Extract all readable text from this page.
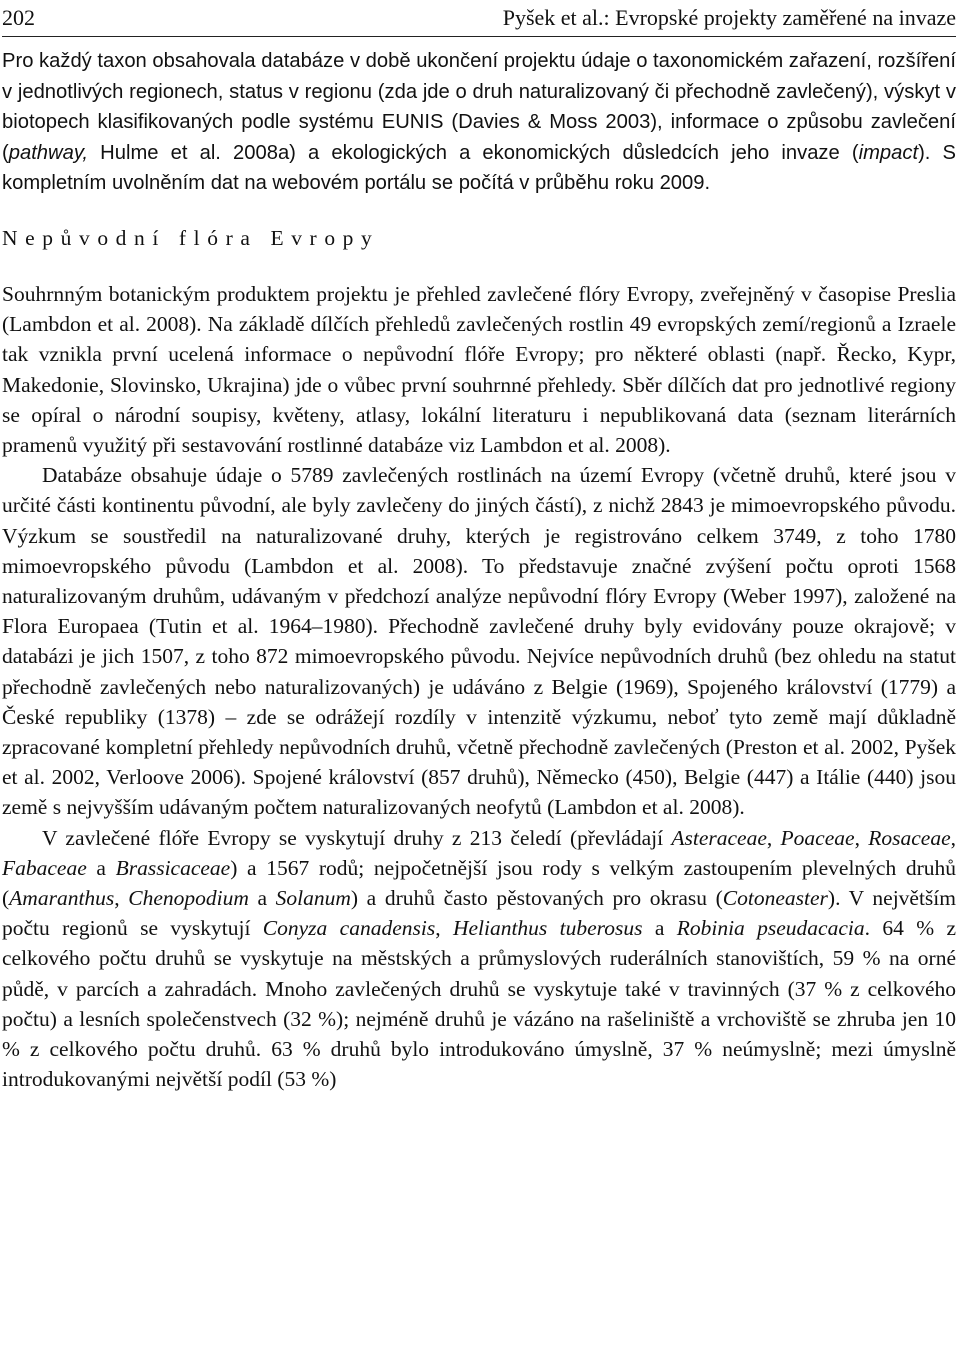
202	Pyšek et al.: Evropské projekty zaměřené na invaze

Pro každý taxon obsahovala databáze v době ukončení projektu údaje o taxonomickém zařazení, rozšíření v jednotlivých regionech, status v regionu (zda jde o druh naturalizovaný či přechodně zavlečený), výskyt v biotopech klasifikovaných podle systému EUNIS (Davies & Moss 2003), informace o způsobu zavlečení (pathway, Hulme et al. 2008a) a ekologických a ekonomických důsledcích jeho invaze (impact). S kompletním uvolněním dat na webovém portálu se počítá v průběhu roku 2009.

Nepůvodní flóra Evropy

Souhrnným botanickým produktem projektu je přehled zavlečené flóry Evropy, zveřejněný v časopise Preslia (Lambdon et al. 2008). Na základě dílčích přehledů zavlečených rostlin 49 evropských zemí/regionů a Izraele tak vznikla první ucelená informace o nepůvodní flóře Evropy; pro některé oblasti (např. Řecko, Kypr, Makedonie, Slovinsko, Ukrajina) jde o vůbec první souhrnné přehledy. Sběr dílčích dat pro jednotlivé regiony se opíral o národní soupisy, květeny, atlasy, lokální literaturu i nepublikovaná data (seznam literárních pramenů využitý při sestavování rostlinné databáze viz Lambdon et al. 2008).

Databáze obsahuje údaje o 5789 zavlečených rostlinách na území Evropy (včetně druhů, které jsou v určité části kontinentu původní, ale byly zavlečeny do jiných částí), z nichž 2843 je mimoevropského původu. Výzkum se soustředil na naturalizované druhy, kterých je registrováno celkem 3749, z toho 1780 mimoevropského původu (Lambdon et al. 2008). To představuje značné zvýšení počtu oproti 1568 naturalizovaným druhům, udávaným v předchozí analýze nepůvodní flóry Evropy (Weber 1997), založené na Flora Europaea (Tutin et al. 1964–1980). Přechodně zavlečené druhy byly evidovány pouze okrajově; v databázi je jich 1507, z toho 872 mimoevropského původu. Nejvíce nepůvodních druhů (bez ohledu na statut přechodně zavlečených nebo naturalizovaných) je udáváno z Belgie (1969), Spojeného království (1779) a České republiky (1378) – zde se odrážejí rozdíly v intenzitě výzkumu, neboť tyto země mají důkladně zpracované kompletní přehledy nepůvodních druhů, včetně přechodně zavlečených (Preston et al. 2002, Pyšek et al. 2002, Verloove 2006). Spojené království (857 druhů), Německo (450), Belgie (447) a Itálie (440) jsou země s nejvyšším udávaným počtem naturalizovaných neofytů (Lambdon et al. 2008).

V zavlečené flóře Evropy se vyskytují druhy z 213 čeledí (převládají Asteraceae, Poaceae, Rosaceae, Fabaceae a Brassicaceae) a 1567 rodů; nejpočetnější jsou rody s velkým zastoupením plevelných druhů (Amaranthus, Chenopodium a Solanum) a druhů často pěstovaných pro okrasu (Cotoneaster). V největším počtu regionů se vyskytují Conyza canadensis, Helianthus tuberosus a Robinia pseudacacia. 64 % z celkového počtu druhů se vyskytuje na městských a průmyslových ruderálních stanovištích, 59 % na orné půdě, v parcích a zahradách. Mnoho zavlečených druhů se vyskytuje také v travinných (37 % z celkového počtu) a lesních společenstvech (32 %); nejméně druhů je vázáno na rašeliniště a vrchoviště se zhruba jen 10 % z celkového počtu druhů. 63 % druhů bylo introdukováno úmyslně, 37 % neúmyslně; mezi úmyslně introdukovanými největší podíl (53 %)
